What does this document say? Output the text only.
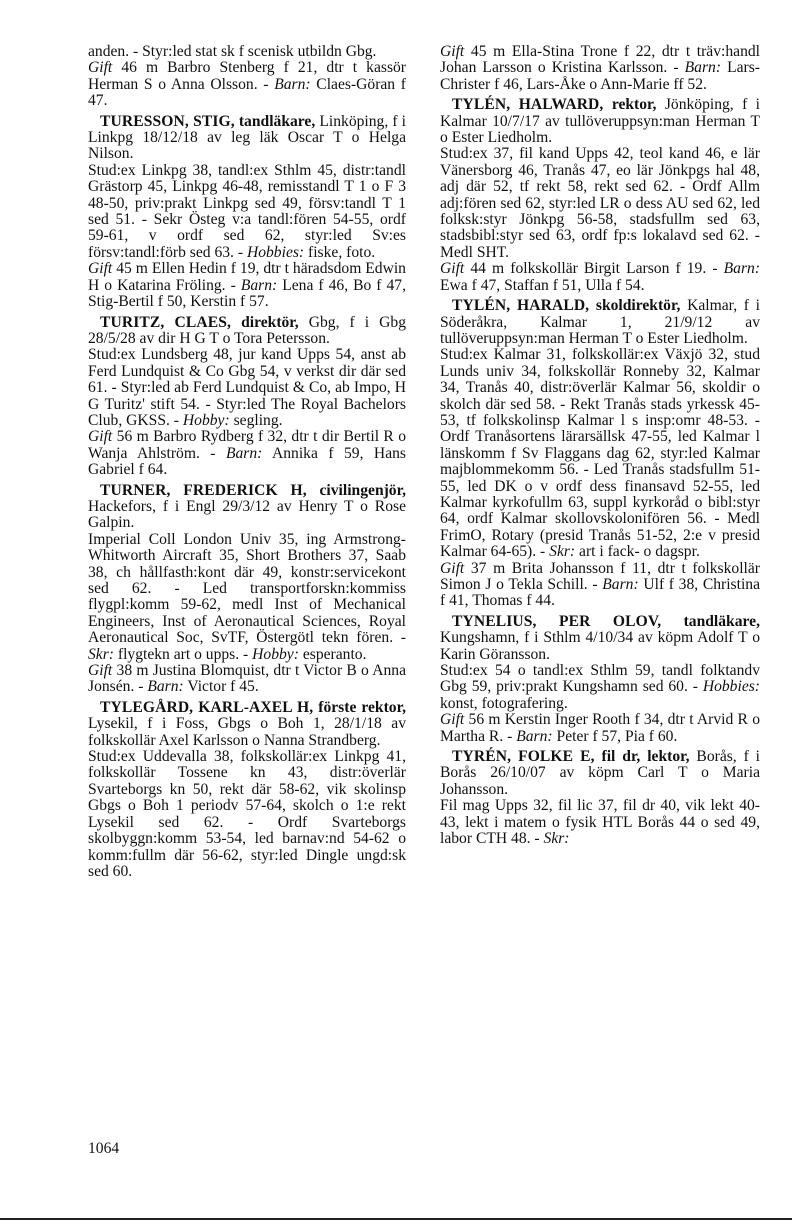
anden. - Styr:led stat sk f scenisk utbildn Gbg.

Gift 46 m Barbro Stenberg f 21, dtr t kassör Herman S o Anna Olsson. - Barn: Claes-Göran f 47.

TURESSON, STIG, tandläkare, Linköping, f i Linkpg 18/12/18 av leg läk Oscar T o Helga Nilson.

Stud:ex Linkpg 38, tandl:ex Sthlm 45, distr:tandl Grästorp 45, Linkpg 46-48, remisstandl T 1 o F 3 48-50, priv:prakt Linkpg sed 49, försv:tandl T 1 sed 51. - Sekr Östeg v:a tandl:fören 54-55, ordf 59-61, v ordf sed 62, styr:led Sv:es försv:tandl:förb sed 63. - Hobbies: fiske, foto.

Gift 45 m Ellen Hedin f 19, dtr t häradsdom Edwin H o Katarina Fröling. - Barn: Lena f 46, Bo f 47, Stig-Bertil f 50, Kerstin f 57.

TURITZ, CLAES, direktör, Gbg, f i Gbg 28/5/28 av dir H G T o Tora Petersson.

Stud:ex Lundsberg 48, jur kand Upps 54, anst ab Ferd Lundquist & Co Gbg 54, v verkst dir där sed 61. - Styr:led ab Ferd Lundquist & Co, ab Impo, H G Turitz' stift 54. - Styr:led The Royal Bachelors Club, GKSS. - Hobby: segling.

Gift 56 m Barbro Rydberg f 32, dtr t dir Bertil R o Wanja Ahlström. - Barn: Annika f 59, Hans Gabriel f 64.

TURNER, FREDERICK H, civilingenjör, Hackefors, f i Engl 29/3/12 av Henry T o Rose Galpin.

Imperial Coll London Univ 35, ing Armstrong-Whitworth Aircraft 35, Short Brothers 37, Saab 38, ch hållfasth:kont där 49, konstr:servicekont sed 62. - Led transportforskn:kommiss flygpl:komm 59-62, medl Inst of Mechanical Engineers, Inst of Aeronautical Sciences, Royal Aeronautical Soc, SvTF, Östergötl tekn fören. - Skr: flygtekn art o upps. - Hobby: esperanto.

Gift 38 m Justina Blomquist, dtr t Victor B o Anna Jonsén. - Barn: Victor f 45.

TYLEGÅRD, KARL-AXEL H, förste rektor, Lysekil, f i Foss, Gbgs o Boh 1, 28/1/18 av folkskollär Axel Karlsson o Nanna Strandberg.

Stud:ex Uddevalla 38, folkskollär:ex Linkpg 41, folkskollär Tossene kn 43, distr:överlär Svarteborgs kn 50, rekt där 58-62, vik skolinsp Gbgs o Boh 1 periodv 57-64, skolch o 1:e rekt Lysekil sed 62. - Ordf Svarteborgs skolbyggn:komm 53-54, led barnav:nd 54-62 o komm:fullm där 56-62, styr:led Dingle ungd:sk sed 60.

Gift 45 m Ella-Stina Trone f 22, dtr t träv:handl Johan Larsson o Kristina Karlsson. - Barn: Lars-Christer f 46, Lars-Åke o Ann-Marie ff 52.

TYLÉN, HALWARD, rektor, Jönköping, f i Kalmar 10/7/17 av tullöveruppsyn:man Herman T o Ester Liedholm.

Stud:ex 37, fil kand Upps 42, teol kand 46, e lär Vänersborg 46, Tranås 47, eo lär Jönkpgs hal 48, adj där 52, tf rekt 58, rekt sed 62. - Ordf Allm adj:fören sed 62, styr:led LR o dess AU sed 62, led folksk:styr Jönkpg 56-58, stadsfullm sed 63, stadsbibl:styr sed 63, ordf fp:s lokalavd sed 62. - Medl SHT.

Gift 44 m folkskollär Birgit Larson f 19. - Barn: Ewa f 47, Staffan f 51, Ulla f 54.

TYLÉN, HARALD, skoldirektör, Kalmar, f i Söderåkra, Kalmar 1, 21/9/12 av tullöveruppsyn:man Herman T o Ester Liedholm.

Stud:ex Kalmar 31, folkskollär:ex Växjö 32, stud Lunds univ 34, folkskollär Ronneby 32, Kalmar 34, Tranås 40, distr:överlär Kalmar 56, skoldir o skolch där sed 58. - Rekt Tranås stads yrkessk 45-53, tf folkskolinsp Kalmar l s insp:omr 48-53. - Ordf Tranåsortens lärarsällsk 47-55, led Kalmar l länskomm f Sv Flaggans dag 62, styr:led Kalmar majblommekomm 56. - Led Tranås stadsfullm 51-55, led DK o v ordf dess finansavd 52-55, led Kalmar kyrkofullm 63, suppl kyrkoråd o bibl:styr 64, ordf Kalmar skollovskolonifören 56. - Medl FrimO, Rotary (presid Tranås 51-52, 2:e v presid Kalmar 64-65). - Skr: art i fack- o dagspr.

Gift 37 m Brita Johansson f 11, dtr t folkskollär Simon J o Tekla Schill. - Barn: Ulf f 38, Christina f 41, Thomas f 44.

TYNELIUS, PER OLOV, tandläkare, Kungshamn, f i Sthlm 4/10/34 av köpm Adolf T o Karin Göransson.

Stud:ex 54 o tandl:ex Sthlm 59, tandl folktandv Gbg 59, priv:prakt Kungshamn sed 60. - Hobbies: konst, fotografering.

Gift 56 m Kerstin Inger Rooth f 34, dtr t Arvid R o Martha R. - Barn: Peter f 57, Pia f 60.

TYRÉN, FOLKE E, fil dr, lektor, Borås, f i Borås 26/10/07 av köpm Carl T o Maria Johansson.

Fil mag Upps 32, fil lic 37, fil dr 40, vik lekt 40-43, lekt i matem o fysik HTL Borås 44 o sed 49, labor CTH 48. - Skr:

1064
